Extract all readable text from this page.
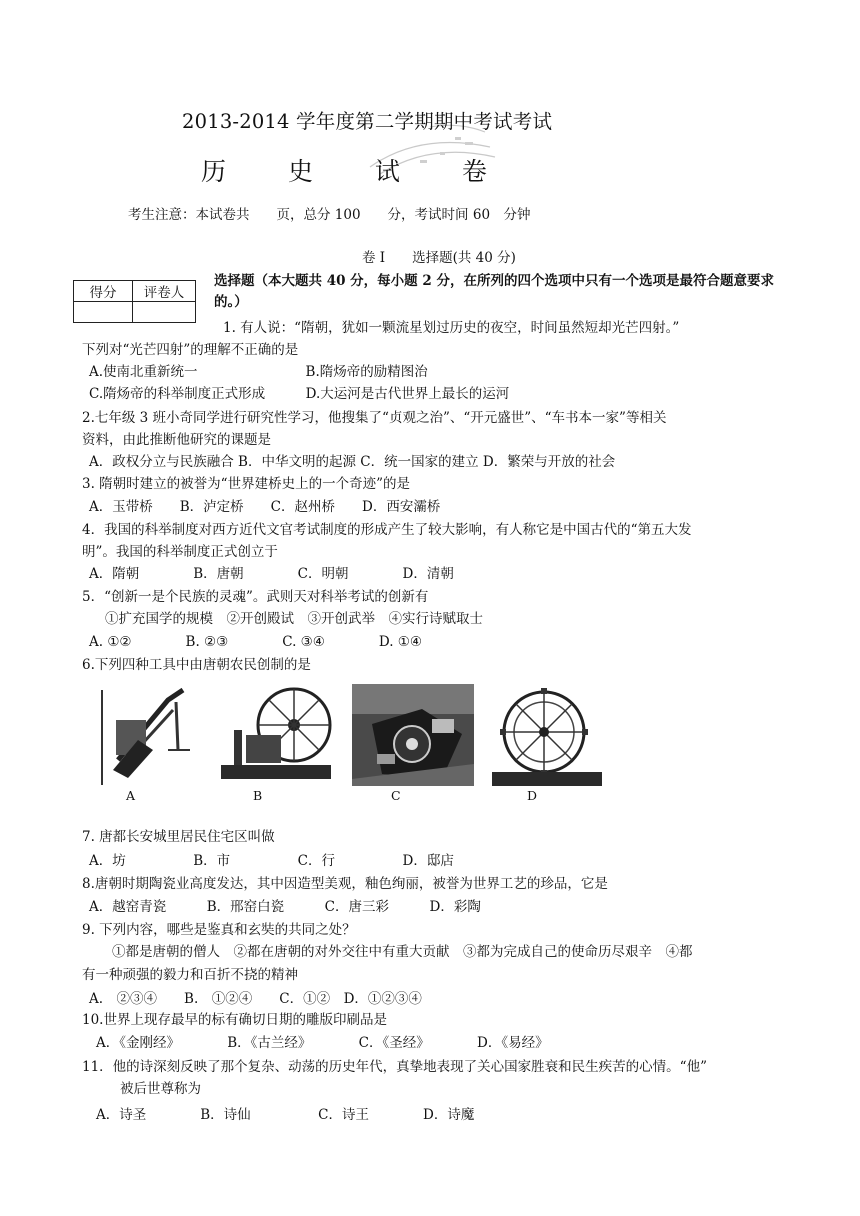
2013-2014 学年度第二学期期中考试考试
历 史 试 卷
考生注意：本试卷共　　页，总分 100　　分，考试时间 60　分钟
卷 I　　选择题(共 40 分)
得分	评卷人

选择题（本大题共 40 分，每小题 2 分，在所列的四个选项中只有一个选项是最符合题意要求的。）
1. 有人说：“隋朝，犹如一颗流星划过历史的夜空，时间虽然短却光芒四射。”
下列对“光芒四射”的理解不正确的是
A.使南北重新统一　　　　　　　　B.隋炀帝的励精图治
C.隋炀帝的科举制度正式形成　　　D.大运河是古代世界上最长的运河
2.七年级 3 班小奇同学进行研究性学习，他搜集了“贞观之治”、“开元盛世”、“车书本一家”等相关
资料，由此推断他研究的课题是
A．政权分立与民族融合 B．中华文明的起源 C．统一国家的建立 D．繁荣与开放的社会
3. 隋朝时建立的被誉为“世界建桥史上的一个奇迹”的是
A．玉带桥　　B．泸定桥　　C．赵州桥　　D．西安灞桥
4．我国的科举制度对西方近代文官考试制度的形成产生了较大影响，有人称它是中国古代的“第五大发
明”。我国的科举制度正式创立于
A．隋朝　　　　B．唐朝　　　　C．明朝　　　　D．清朝
5．“创新一是个民族的灵魂”。武则天对科举考试的创新有
①扩充国学的规模　②开创殿试　③开创武举　④实行诗赋取士
A. ①②　　　　B. ②③　　　　C. ③④　　　　D. ①④
6.下列四种工具中由唐朝农民创制的是
A	B	C	D
7. 唐都长安城里居民住宅区叫做
A．坊　　　　　B．市　　　　　C．行　　　　　D．邸店
8.唐朝时期陶瓷业高度发达，其中因造型美观，釉色绚丽，被誉为世界工艺的珍品，它是
A．越窑青瓷　　　B．邢窑白瓷　　　C．唐三彩　　　D．彩陶
9. 下列内容，哪些是鉴真和玄奘的共同之处？
①都是唐朝的僧人　②都在唐朝的对外交往中有重大贡献　③都为完成自己的使命历尽艰辛　④都
有一种顽强的毅力和百折不挠的精神
A.　②③④　　B.　①②④　　C．①②　D．①②③④
10.世界上现存最早的标有确切日期的雕版印刷品是
A．《金刚经》　　　　B．《古兰经》　　　　C．《圣经》　　　　D．《易经》
11．他的诗深刻反映了那个复杂、动荡的历史年代，真挚地表现了关心国家胜衰和民生疾苦的心情。“他”
被后世尊称为
A．诗圣　　　　B．诗仙　　　　　C．诗王　　　　D．诗魔
